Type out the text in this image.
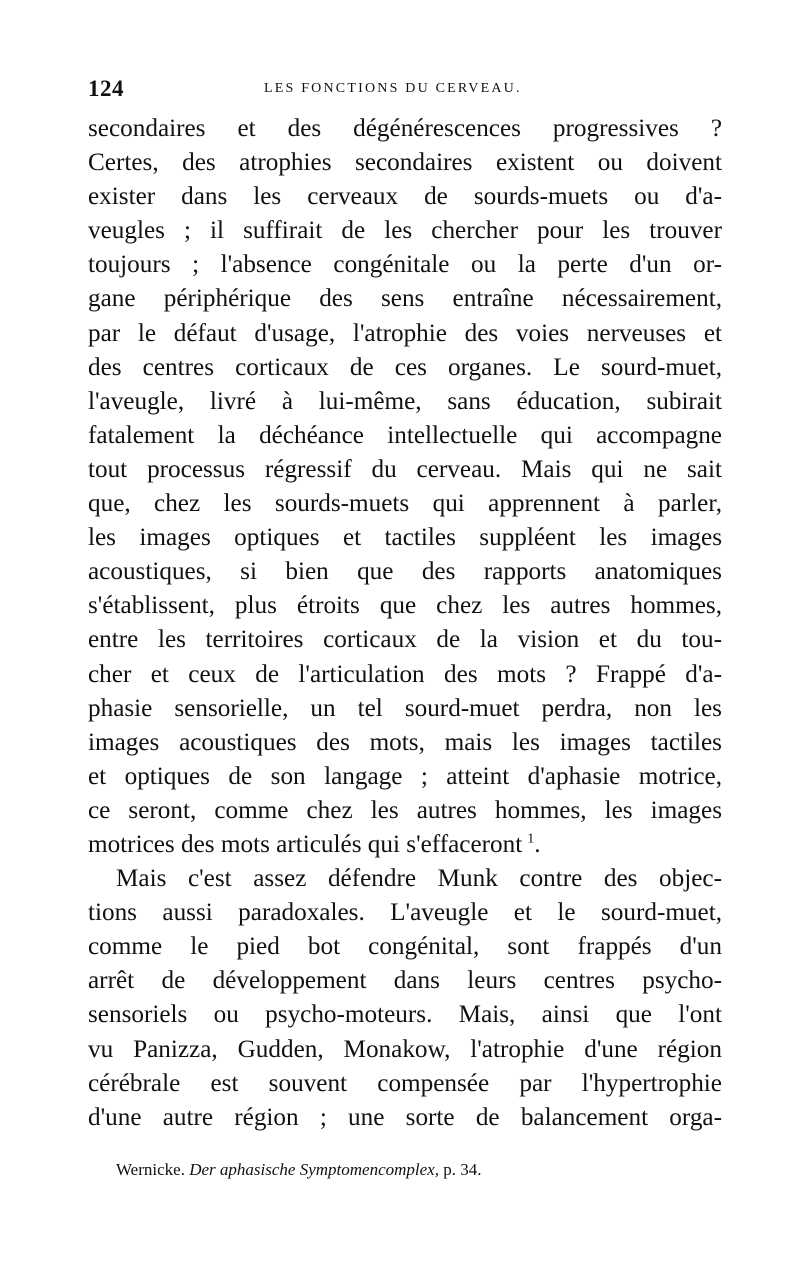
124	LES FONCTIONS DU CERVEAU.
secondaires et des dégénérescences progressives ?
Certes, des atrophies secondaires existent ou doivent
exister dans les cerveaux de sourds-muets ou d'a-
veugles ; il suffirait de les chercher pour les trouver
toujours ; l'absence congénitale ou la perte d'un or-
gane périphérique des sens entraîne nécessairement,
par le défaut d'usage, l'atrophie des voies nerveuses et
des centres corticaux de ces organes. Le sourd-muet,
l'aveugle, livré à lui-même, sans éducation, subirait
fatalement la déchéance intellectuelle qui accompagne
tout processus régressif du cerveau. Mais qui ne sait
que, chez les sourds-muets qui apprennent à parler,
les images optiques et tactiles suppléent les images
acoustiques, si bien que des rapports anatomiques
s'établissent, plus étroits que chez les autres hommes,
entre les territoires corticaux de la vision et du tou-
cher et ceux de l'articulation des mots ? Frappé d'a-
phasie sensorielle, un tel sourd-muet perdra, non les
images acoustiques des mots, mais les images tactiles
et optiques de son langage ; atteint d'aphasie motrice,
ce seront, comme chez les autres hommes, les images
motrices des mots articulés qui s'effaceront  $^1$.
Mais c'est assez défendre Munk contre des objec-
tions aussi paradoxales. L'aveugle et le sourd-muet,
comme le pied bot congénital, sont frappés d'un
arrêt de développement dans leurs centres psycho-
sensoriels ou psycho-moteurs. Mais, ainsi que l'ont
vu Panizza, Gudden, Monakow, l'atrophie d'une région
cérébrale est souvent compensée par l'hypertrophie
d'une autre région ; une sorte de balancement orga-
Wernicke. Der aphasische Symptomencomplex, p. 34.
